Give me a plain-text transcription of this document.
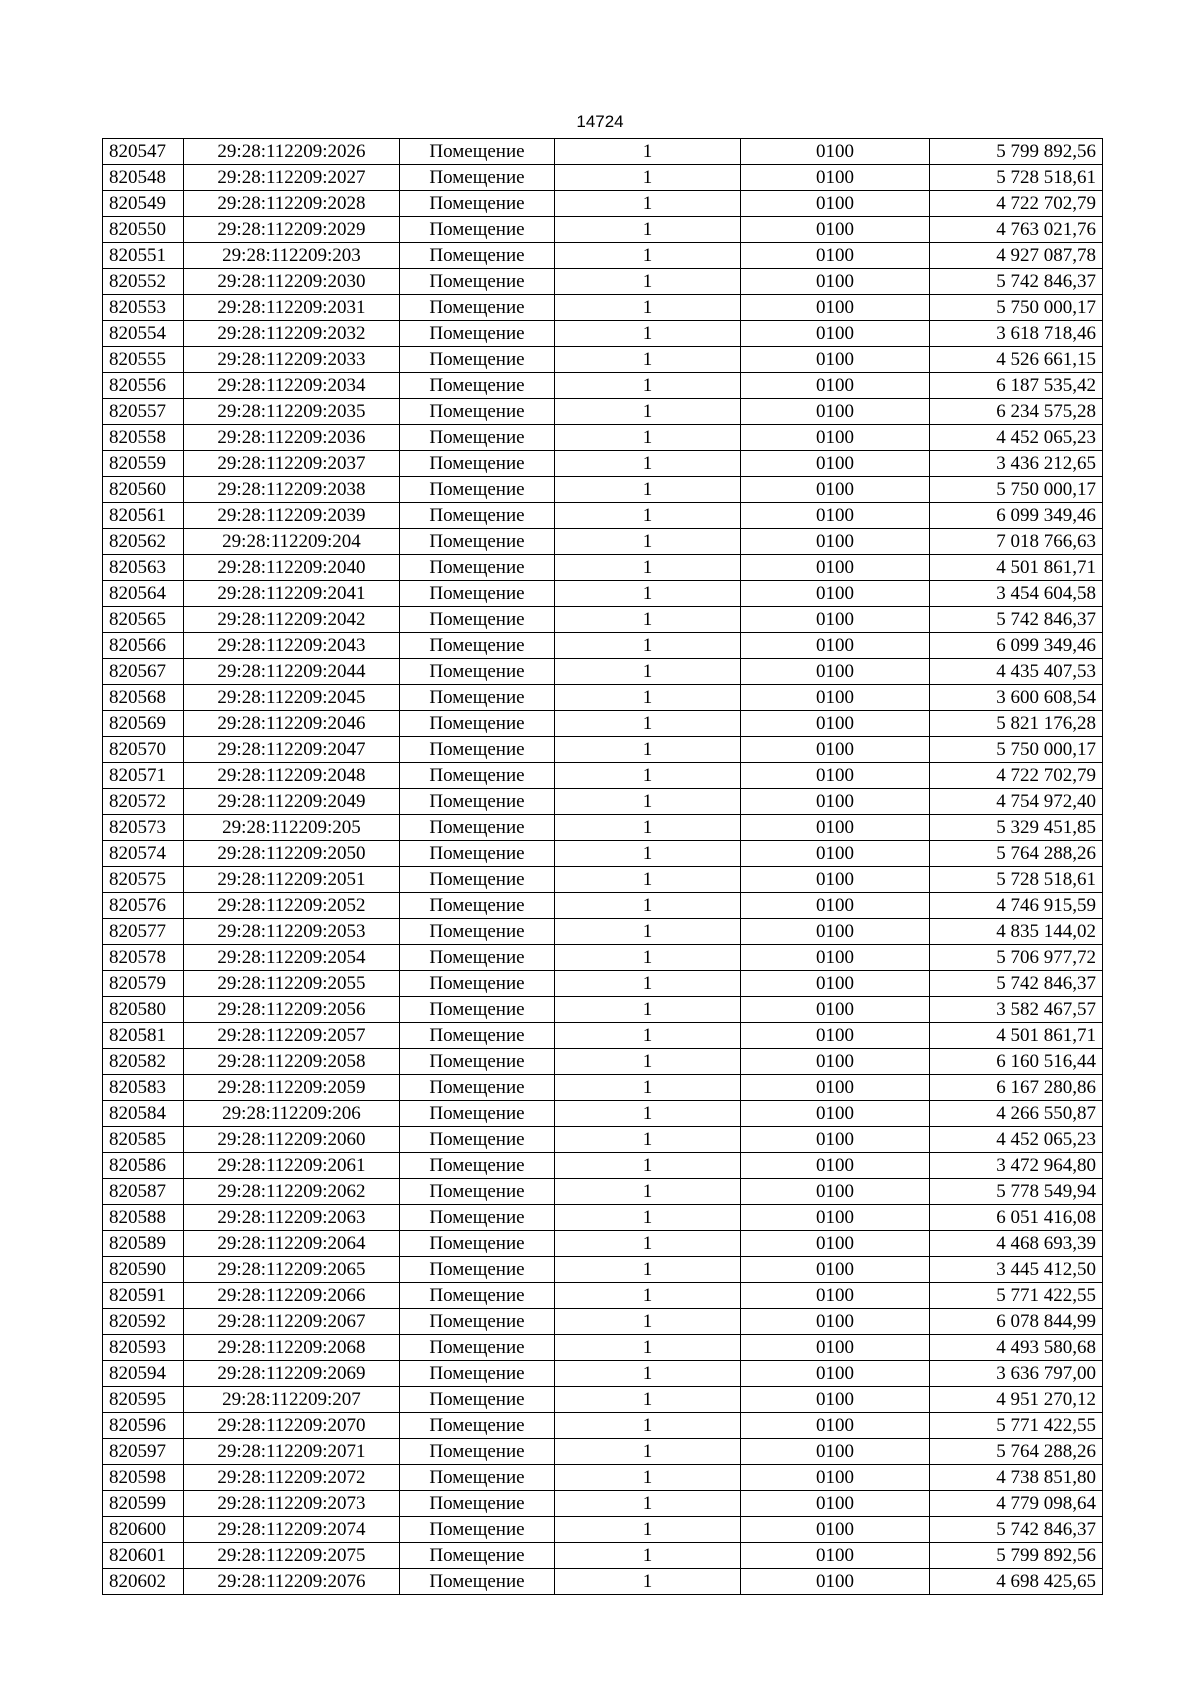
14724
820547	29:28:112209:2026	Помещение	1	0100	5 799 892,56
820548	29:28:112209:2027	Помещение	1	0100	5 728 518,61
820549	29:28:112209:2028	Помещение	1	0100	4 722 702,79
820550	29:28:112209:2029	Помещение	1	0100	4 763 021,76
820551	29:28:112209:203	Помещение	1	0100	4 927 087,78
820552	29:28:112209:2030	Помещение	1	0100	5 742 846,37
820553	29:28:112209:2031	Помещение	1	0100	5 750 000,17
820554	29:28:112209:2032	Помещение	1	0100	3 618 718,46
820555	29:28:112209:2033	Помещение	1	0100	4 526 661,15
820556	29:28:112209:2034	Помещение	1	0100	6 187 535,42
820557	29:28:112209:2035	Помещение	1	0100	6 234 575,28
820558	29:28:112209:2036	Помещение	1	0100	4 452 065,23
820559	29:28:112209:2037	Помещение	1	0100	3 436 212,65
820560	29:28:112209:2038	Помещение	1	0100	5 750 000,17
820561	29:28:112209:2039	Помещение	1	0100	6 099 349,46
820562	29:28:112209:204	Помещение	1	0100	7 018 766,63
820563	29:28:112209:2040	Помещение	1	0100	4 501 861,71
820564	29:28:112209:2041	Помещение	1	0100	3 454 604,58
820565	29:28:112209:2042	Помещение	1	0100	5 742 846,37
820566	29:28:112209:2043	Помещение	1	0100	6 099 349,46
820567	29:28:112209:2044	Помещение	1	0100	4 435 407,53
820568	29:28:112209:2045	Помещение	1	0100	3 600 608,54
820569	29:28:112209:2046	Помещение	1	0100	5 821 176,28
820570	29:28:112209:2047	Помещение	1	0100	5 750 000,17
820571	29:28:112209:2048	Помещение	1	0100	4 722 702,79
820572	29:28:112209:2049	Помещение	1	0100	4 754 972,40
820573	29:28:112209:205	Помещение	1	0100	5 329 451,85
820574	29:28:112209:2050	Помещение	1	0100	5 764 288,26
820575	29:28:112209:2051	Помещение	1	0100	5 728 518,61
820576	29:28:112209:2052	Помещение	1	0100	4 746 915,59
820577	29:28:112209:2053	Помещение	1	0100	4 835 144,02
820578	29:28:112209:2054	Помещение	1	0100	5 706 977,72
820579	29:28:112209:2055	Помещение	1	0100	5 742 846,37
820580	29:28:112209:2056	Помещение	1	0100	3 582 467,57
820581	29:28:112209:2057	Помещение	1	0100	4 501 861,71
820582	29:28:112209:2058	Помещение	1	0100	6 160 516,44
820583	29:28:112209:2059	Помещение	1	0100	6 167 280,86
820584	29:28:112209:206	Помещение	1	0100	4 266 550,87
820585	29:28:112209:2060	Помещение	1	0100	4 452 065,23
820586	29:28:112209:2061	Помещение	1	0100	3 472 964,80
820587	29:28:112209:2062	Помещение	1	0100	5 778 549,94
820588	29:28:112209:2063	Помещение	1	0100	6 051 416,08
820589	29:28:112209:2064	Помещение	1	0100	4 468 693,39
820590	29:28:112209:2065	Помещение	1	0100	3 445 412,50
820591	29:28:112209:2066	Помещение	1	0100	5 771 422,55
820592	29:28:112209:2067	Помещение	1	0100	6 078 844,99
820593	29:28:112209:2068	Помещение	1	0100	4 493 580,68
820594	29:28:112209:2069	Помещение	1	0100	3 636 797,00
820595	29:28:112209:207	Помещение	1	0100	4 951 270,12
820596	29:28:112209:2070	Помещение	1	0100	5 771 422,55
820597	29:28:112209:2071	Помещение	1	0100	5 764 288,26
820598	29:28:112209:2072	Помещение	1	0100	4 738 851,80
820599	29:28:112209:2073	Помещение	1	0100	4 779 098,64
820600	29:28:112209:2074	Помещение	1	0100	5 742 846,37
820601	29:28:112209:2075	Помещение	1	0100	5 799 892,56
820602	29:28:112209:2076	Помещение	1	0100	4 698 425,65
